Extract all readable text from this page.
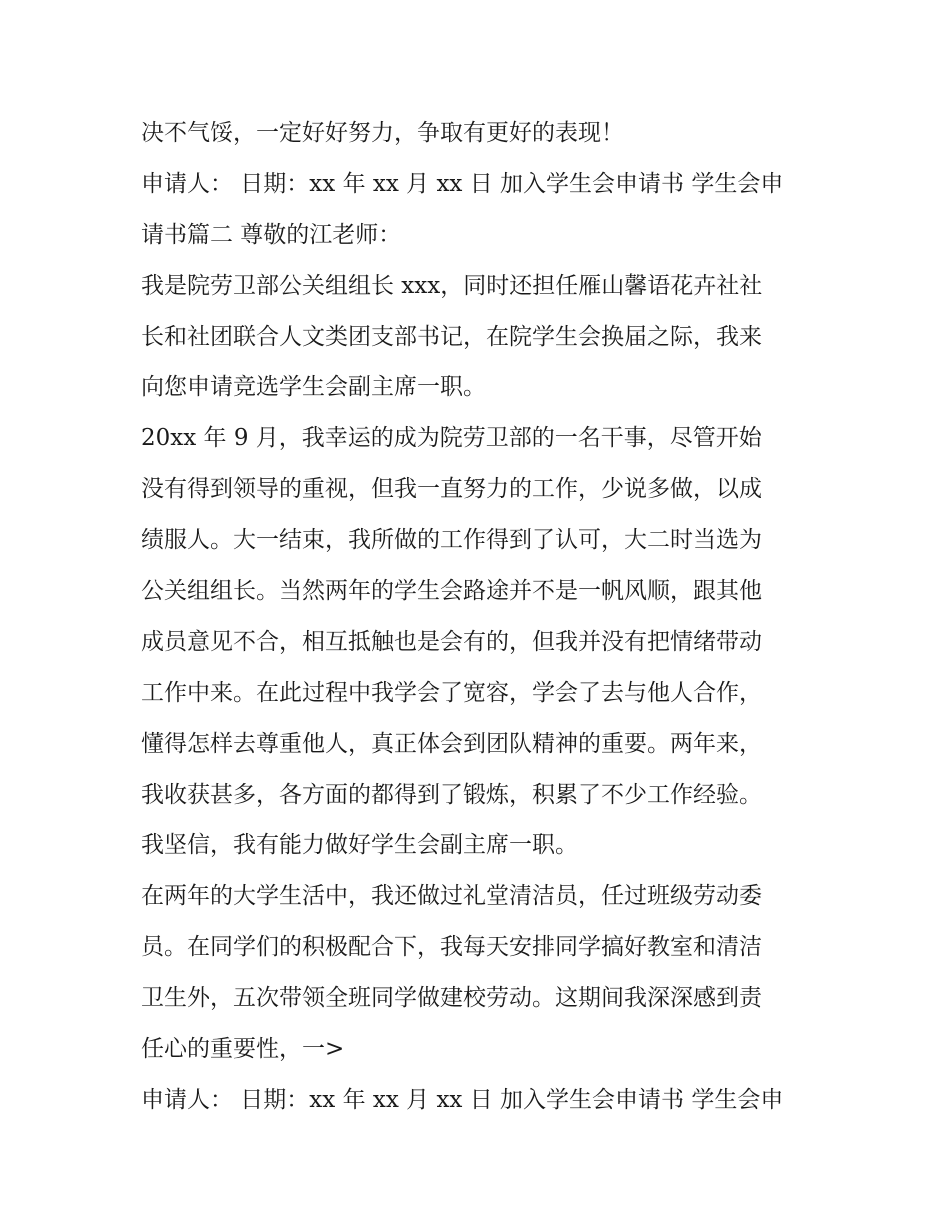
决不气馁，一定好好努力，争取有更好的表现！
申请人： 日期：xx 年 xx 月 xx 日 加入学生会申请书 学生会申
请书篇二 尊敬的江老师：
我是院劳卫部公关组组长 xxx，同时还担任雁山馨语花卉社社
长和社团联合人文类团支部书记，在院学生会换届之际，我来
向您申请竞选学生会副主席一职。
20xx 年 9 月，我幸运的成为院劳卫部的一名干事，尽管开始
没有得到领导的重视，但我一直努力的工作，少说多做，以成
绩服人。大一结束，我所做的工作得到了认可，大二时当选为
公关组组长。当然两年的学生会路途并不是一帆风顺，跟其他
成员意见不合，相互抵触也是会有的，但我并没有把情绪带动
工作中来。在此过程中我学会了宽容，学会了去与他人合作，
懂得怎样去尊重他人，真正体会到团队精神的重要。两年来，
我收获甚多，各方面的都得到了锻炼，积累了不少工作经验。
我坚信，我有能力做好学生会副主席一职。
在两年的大学生活中，我还做过礼堂清洁员，任过班级劳动委
员。在同学们的积极配合下，我每天安排同学搞好教室和清洁
卫生外，五次带领全班同学做建校劳动。这期间我深深感到责
任心的重要性，一>
申请人： 日期：xx 年 xx 月 xx 日 加入学生会申请书 学生会申
